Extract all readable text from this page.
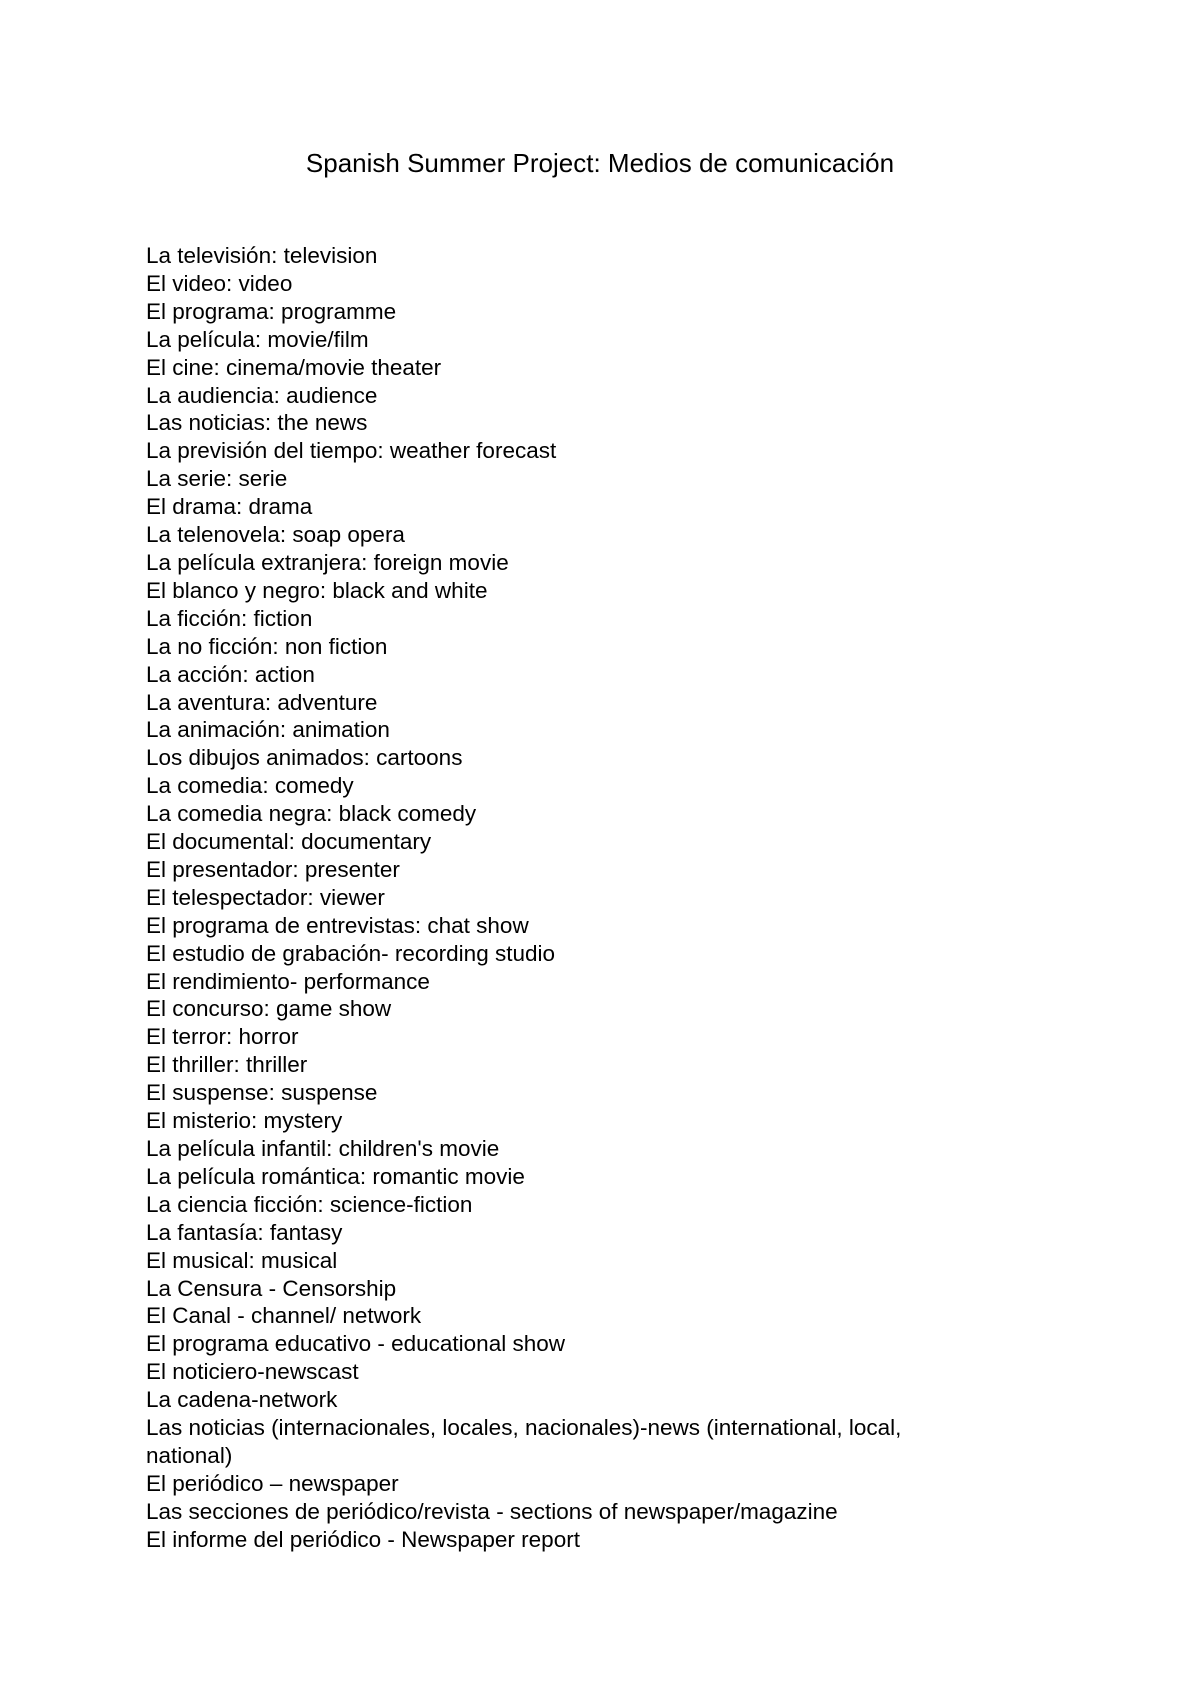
Spanish Summer Project: Medios de comunicación
La televisión: television
El video: video
El programa: programme
La película: movie/film
El cine: cinema/movie theater
La audiencia: audience
Las noticias: the news
La previsión del tiempo: weather forecast
La serie: serie
El drama: drama
La telenovela: soap opera
La película extranjera: foreign movie
El blanco y negro: black and white
La ficción: fiction
La no ficción: non fiction
La acción: action
La aventura: adventure
La animación: animation
Los dibujos animados: cartoons
La comedia: comedy
La comedia negra: black comedy
El documental: documentary
El presentador: presenter
El telespectador: viewer
El programa de entrevistas: chat show
El estudio de grabación- recording studio
El rendimiento- performance
El concurso: game show
El terror: horror
El thriller: thriller
El suspense: suspense
El misterio: mystery
La película infantil: children's movie
La película romántica: romantic movie
La ciencia ficción: science-fiction
La fantasía: fantasy
El musical: musical
La Censura - Censorship
El Canal - channel/ network
El programa educativo - educational show
El noticiero-newscast
La cadena-network
Las noticias (internacionales, locales, nacionales)-news (international, local, national)
El periódico – newspaper
Las secciones de periódico/revista - sections of newspaper/magazine
El informe del periódico - Newspaper report
